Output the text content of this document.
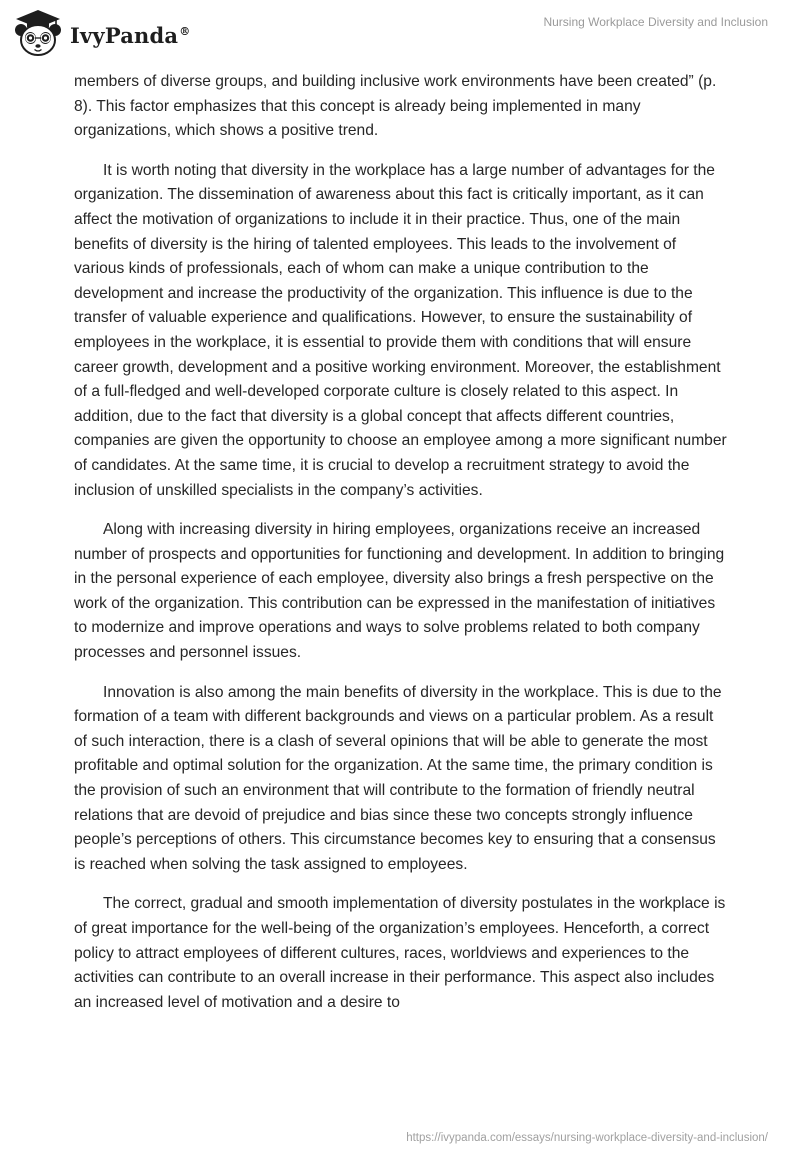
IvyPanda®
Nursing Workplace Diversity and Inclusion

members of diverse groups, and building inclusive work environments have been created” (p. 8). This factor emphasizes that this concept is already being implemented in many organizations, which shows a positive trend.

It is worth noting that diversity in the workplace has a large number of advantages for the organization. The dissemination of awareness about this fact is critically important, as it can affect the motivation of organizations to include it in their practice. Thus, one of the main benefits of diversity is the hiring of talented employees. This leads to the involvement of various kinds of professionals, each of whom can make a unique contribution to the development and increase the productivity of the organization. This influence is due to the transfer of valuable experience and qualifications. However, to ensure the sustainability of employees in the workplace, it is essential to provide them with conditions that will ensure career growth, development and a positive working environment. Moreover, the establishment of a full-fledged and well-developed corporate culture is closely related to this aspect. In addition, due to the fact that diversity is a global concept that affects different countries, companies are given the opportunity to choose an employee among a more significant number of candidates. At the same time, it is crucial to develop a recruitment strategy to avoid the inclusion of unskilled specialists in the company’s activities.

Along with increasing diversity in hiring employees, organizations receive an increased number of prospects and opportunities for functioning and development. In addition to bringing in the personal experience of each employee, diversity also brings a fresh perspective on the work of the organization. This contribution can be expressed in the manifestation of initiatives to modernize and improve operations and ways to solve problems related to both company processes and personnel issues.

Innovation is also among the main benefits of diversity in the workplace. This is due to the formation of a team with different backgrounds and views on a particular problem. As a result of such interaction, there is a clash of several opinions that will be able to generate the most profitable and optimal solution for the organization. At the same time, the primary condition is the provision of such an environment that will contribute to the formation of friendly neutral relations that are devoid of prejudice and bias since these two concepts strongly influence people’s perceptions of others. This circumstance becomes key to ensuring that a consensus is reached when solving the task assigned to employees.

The correct, gradual and smooth implementation of diversity postulates in the workplace is of great importance for the well-being of the organization’s employees. Henceforth, a correct policy to attract employees of different cultures, races, worldviews and experiences to the activities can contribute to an overall increase in their performance. This aspect also includes an increased level of motivation and a desire to

https://ivypanda.com/essays/nursing-workplace-diversity-and-inclusion/
